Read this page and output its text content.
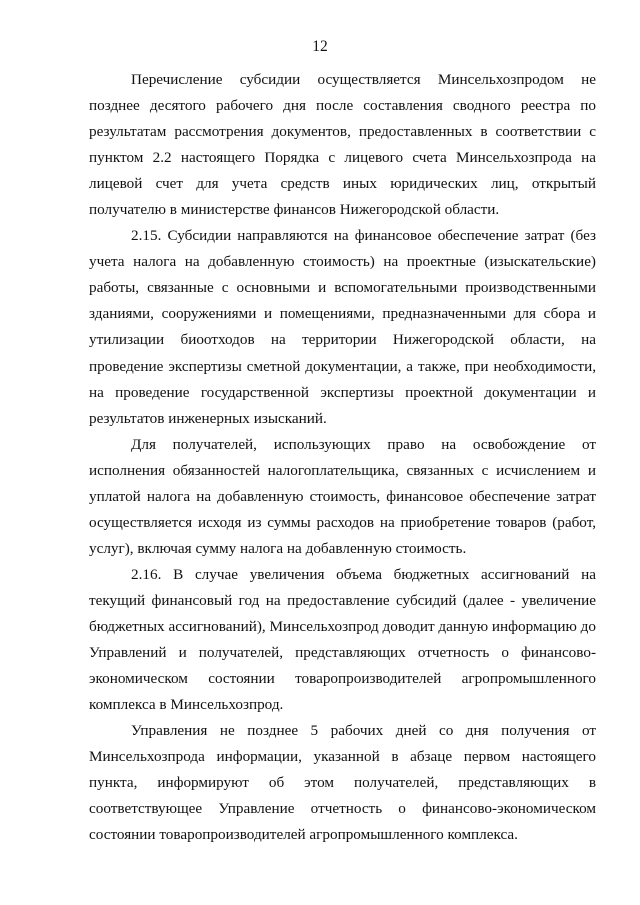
12

Перечисление субсидии осуществляется Минсельхозпродом не позднее десятого рабочего дня после составления сводного реестра по результатам рассмотрения документов, предоставленных в соответствии с пунктом 2.2 настоящего Порядка с лицевого счета Минсельхозпрода на лицевой счет для учета средств иных юридических лиц, открытый получателю в министерстве финансов Нижегородской области.

2.15. Субсидии направляются на финансовое обеспечение затрат (без учета налога на добавленную стоимость) на проектные (изыскательские) работы, связанные с основными и вспомогательными производственными зданиями, сооружениями и помещениями, предназначенными для сбора и утилизации биоотходов на территории Нижегородской области, на проведение экспертизы сметной документации, а также, при необходимости, на проведение государственной экспертизы проектной документации и результатов инженерных изысканий.

Для получателей, использующих право на освобождение от исполнения обязанностей налогоплательщика, связанных с исчислением и уплатой налога на добавленную стоимость, финансовое обеспечение затрат осуществляется исходя из суммы расходов на приобретение товаров (работ, услуг), включая сумму налога на добавленную стоимость.

2.16. В случае увеличения объема бюджетных ассигнований на текущий финансовый год на предоставление субсидий (далее - увеличение бюджетных ассигнований), Минсельхозпрод доводит данную информацию до Управлений и получателей, представляющих отчетность о финансово-экономическом состоянии товаропроизводителей агропромышленного комплекса в Минсельхозпрод.

Управления не позднее 5 рабочих дней со дня получения от Минсельхозпрода информации, указанной в абзаце первом настоящего пункта, информируют об этом получателей, представляющих в соответствующее Управление отчетность о финансово-экономическом состоянии товаропроизводителей агропромышленного комплекса.
